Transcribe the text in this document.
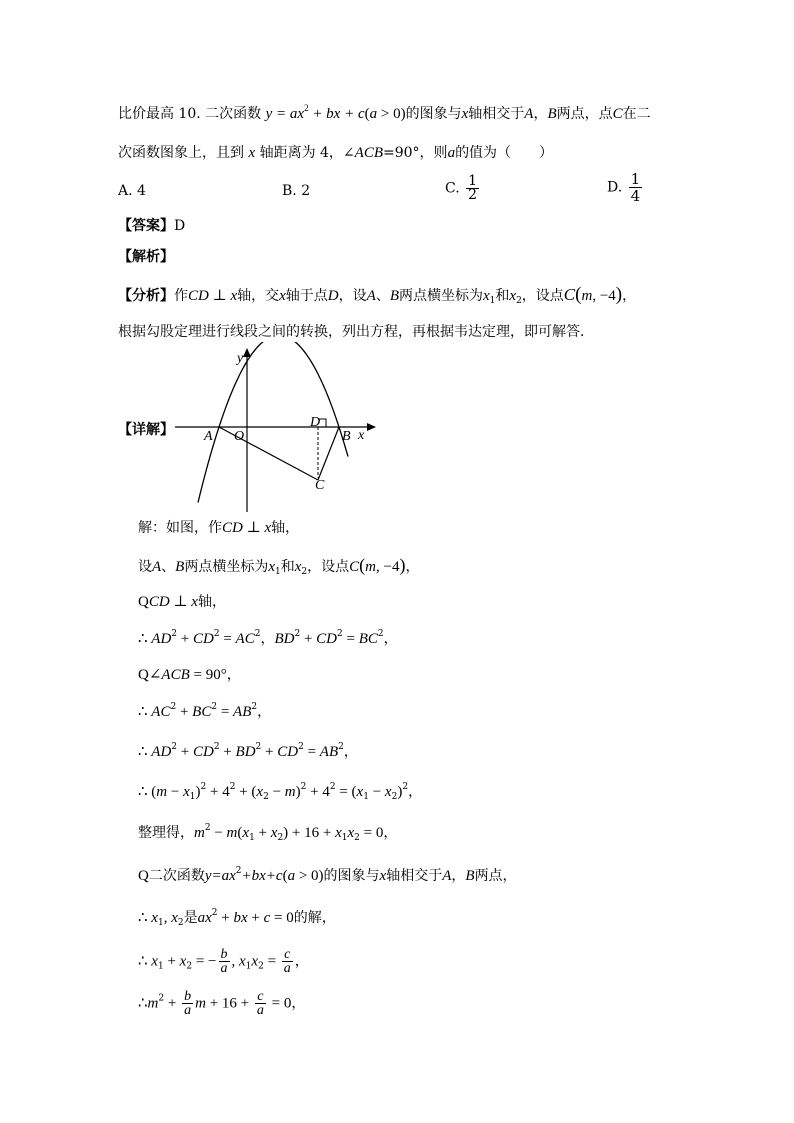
比价最高 10. 二次函数 $y = ax^2$ + bx + c(a > 0)的图象与x轴相交于A，B两点，点C在二
次函数图象上，且到 x 轴距离为 4，∠ACB=90°，则a的值为（　　）
A. 4	B. 2	C. $\frac{1}{2}$	D. $\frac{1}{4}$
【答案】D
【解析】
【分析】作CD ⊥ x轴，交x轴于点D，设A、B两点横坐标为$x_1$和$x_2$，设点C(m, −4)，
根据勾股定理进行线段之间的转换，列出方程，再根据韦达定理，即可解答．
【详解】
y
x
A O
D
B
C
解：如图，作CD ⊥ x轴，
设A、B两点横坐标为$x_1$和$x_2$，设点C(m, −4)，
QCD ⊥ x轴，
∴ $AD^2 + CD^2 = AC^2$，$BD^2 + CD^2 = BC^2$，
Q∠ACB = 90°，
∴ $AC^2 + BC^2 = AB^2$，
∴ $AD^2 + CD^2 + BD^2 + CD^2 = AB^2$，
∴ $(m - x_1)^2 + 4^2 + (x_2 - m)^2 + 4^2 = (x_1 - x_2)^2$，
整理得，$m^2 - m(x_1 + x_2) + 16 + x_1x_2 = 0$，
Q二次函数$y=ax^2+bx+c(a > 0)$的图象与x轴相交于A，B两点，
∴ $x_1$, $x_2$是$ax^2$ + bx + c = 0的解，
∴ $x_1 + x_2$ = − $\frac{b}{a}$ , $x_1x_2 = \frac{c}{a}$ ，
$\therefore m^2 + \frac{b}{a}$ $m + 16 + \frac{c}{a} = 0$，
